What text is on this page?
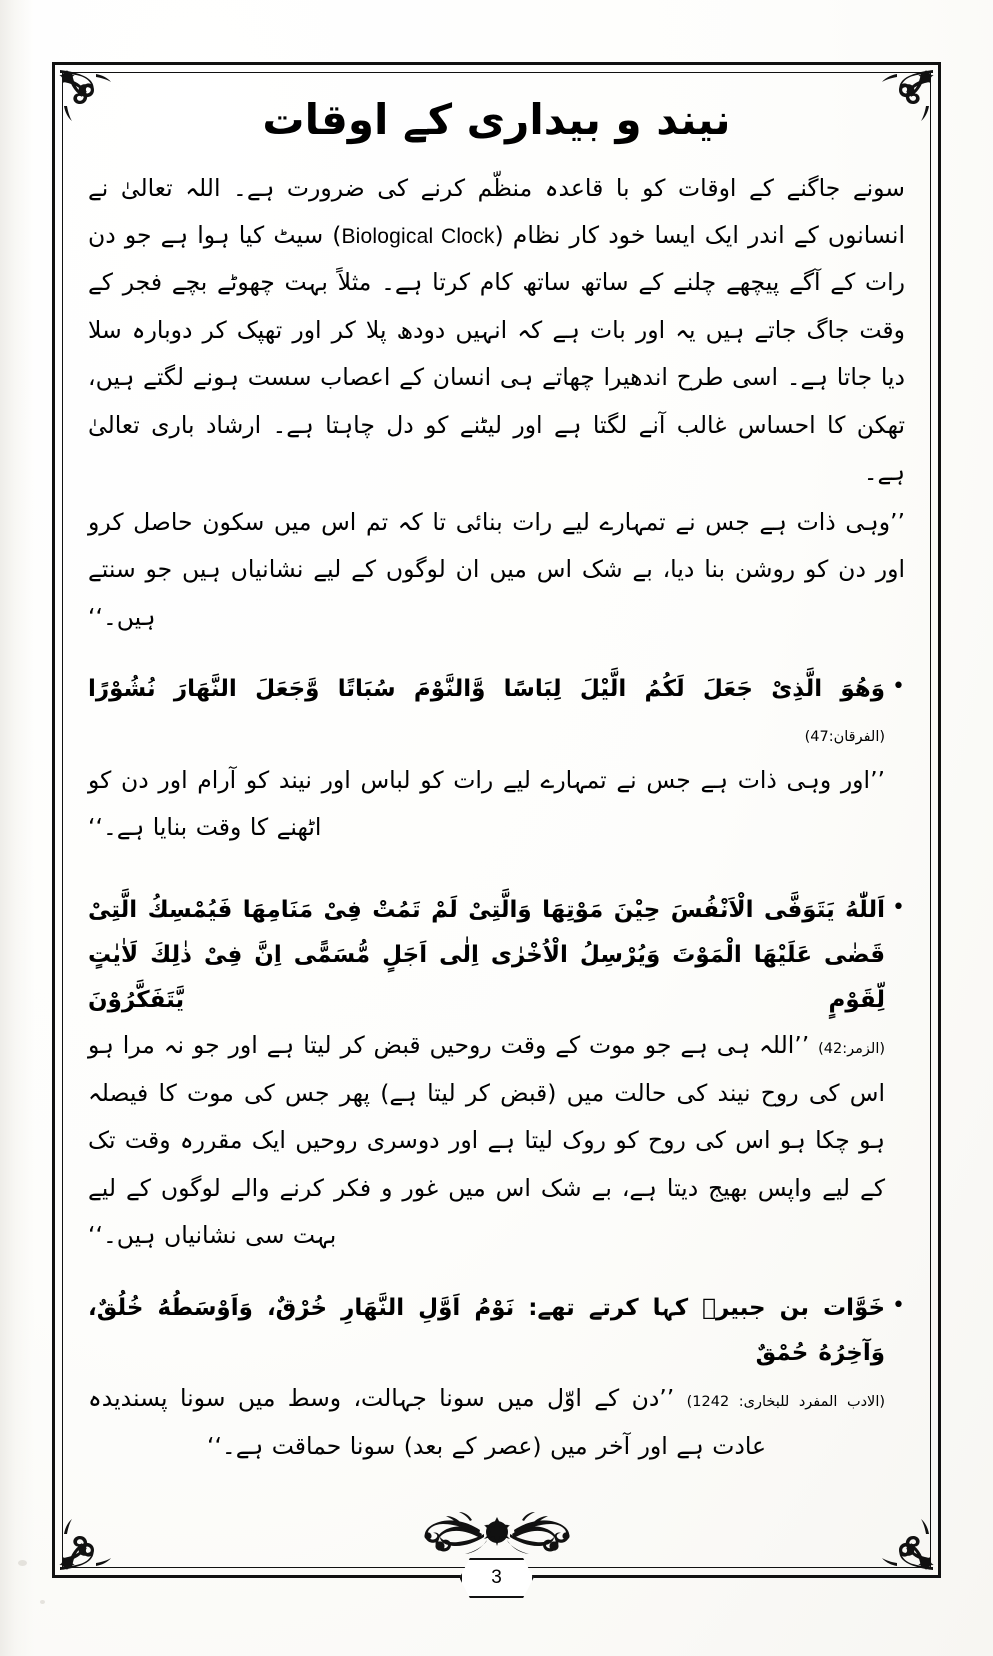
نیند و بیداری کے اوقات

سونے جاگنے کے اوقات کو با قاعدہ منظّم کرنے کی ضرورت ہے۔ اللہ تعالیٰ نے انسانوں کے اندر ایک ایسا خود کار نظام (Biological Clock) سیٹ کیا ہوا ہے جو دن رات کے آگے پیچھے چلنے کے ساتھ ساتھ کام کرتا ہے۔ مثلاً بہت چھوٹے بچے فجر کے وقت جاگ جاتے ہیں یہ اور بات ہے کہ انہیں دودھ پلا کر اور تھپک کر دوبارہ سلا دیا جاتا ہے۔ اسی طرح اندھیرا چھاتے ہی انسان کے اعصاب سست ہونے لگتے ہیں، تھکن کا احساس غالب آنے لگتا ہے اور لیٹنے کو دل چاہتا ہے۔ ارشاد باری تعالیٰ ہے۔

’’وہی ذات ہے جس نے تمہارے لیے رات بنائی تا کہ تم اس میں سکون حاصل کرو اور دن کو روشن بنا دیا، بے شک اس میں ان لوگوں کے لیے نشانیاں ہیں جو سنتے ہیں۔‘‘

•

وَهُوَ الَّذِیْ جَعَلَ لَكُمُ الَّيْلَ لِبَاسًا وَّالنَّوْمَ سُبَاتًا وَّجَعَلَ النَّهَارَ نُشُوْرًا (الفرقان:47)

’’اور وہی ذات ہے جس نے تمہارے لیے رات کو لباس اور نیند کو آرام اور دن کو اٹھنے کا وقت بنایا ہے۔‘‘

•

اَللّٰهُ يَتَوَفَّى الْاَنْفُسَ حِيْنَ مَوْتِهَا وَالَّتِىْ لَمْ تَمُتْ فِىْ مَنَامِهَا فَيُمْسِكُ الَّتِىْ قَضٰى عَلَيْهَا الْمَوْتَ وَيُرْسِلُ الْاُخْرٰى اِلٰى اَجَلٍ مُّسَمًّى اِنَّ فِىْ ذٰلِكَ لَاٰيٰتٍ لِّقَوْمٍ يَّتَفَكَّرُوْنَ

(الزمر:42) ’’اللہ ہی ہے جو موت کے وقت روحیں قبض کر لیتا ہے اور جو نہ مرا ہو اس کی روح نیند کی حالت میں (قبض کر لیتا ہے) پھر جس کی موت کا فیصلہ ہو چکا ہو اس کی روح کو روک لیتا ہے اور دوسری روحیں ایک مقررہ وقت تک کے لیے واپس بھیج دیتا ہے، بے شک اس میں غور و فکر کرنے والے لوگوں کے لیے بہت سی نشانیاں ہیں۔‘‘

•

خَوَّات بن جبیرؓ کہا کرتے تھے: نَوْمُ اَوَّلِ النَّهَارِ خُرْقٌ، وَاَوْسَطُهُ خُلُقٌ، وَآخِرُهُ حُمْقٌ

(الادب المفرد للبخاری: 1242) ’’دن کے اوّل میں سونا جہالت، وسط میں سونا پسندیدہ عادت ہے اور آخر میں (عصر کے بعد) سونا حماقت ہے۔‘‘

3
